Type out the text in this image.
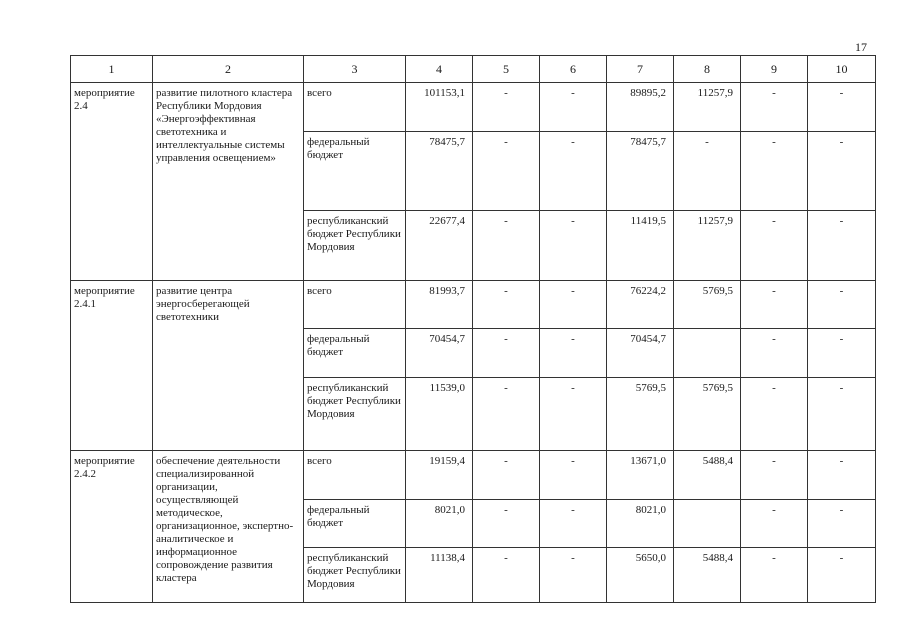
17
1	2	3	4	5	6	7	8	9	10
мероприятие 2.4	развитие пилотного кластера Республики Мордовия «Энергоэффективная светотехника и интеллектуальные системы управления освещением»	всего	101153,1	-	-	89895,2	11257,9	-	-
		федеральный бюджет	78475,7	-	-	78475,7	-	-	-
		республиканский бюджет Республики Мордовия	22677,4	-	-	11419,5	11257,9	-	-
мероприятие 2.4.1	развитие центра энергосберегающей светотехники	всего	81993,7	-	-	76224,2	5769,5	-	-
		федеральный бюджет	70454,7	-	-	70454,7		-	-
		республиканский бюджет Республики Мордовия	11539,0	-	-	5769,5	5769,5	-	-
мероприятие 2.4.2	обеспечение деятельности специализированной организации, осуществляющей методическое, организационное, экспертно-аналитическое и информационное сопровождение развития кластера	всего	19159,4	-	-	13671,0	5488,4	-	-
		федеральный бюджет	8021,0	-	-	8021,0		-	-
		республиканский бюджет Республики Мордовия	11138,4	-	-	5650,0	5488,4	-	-
